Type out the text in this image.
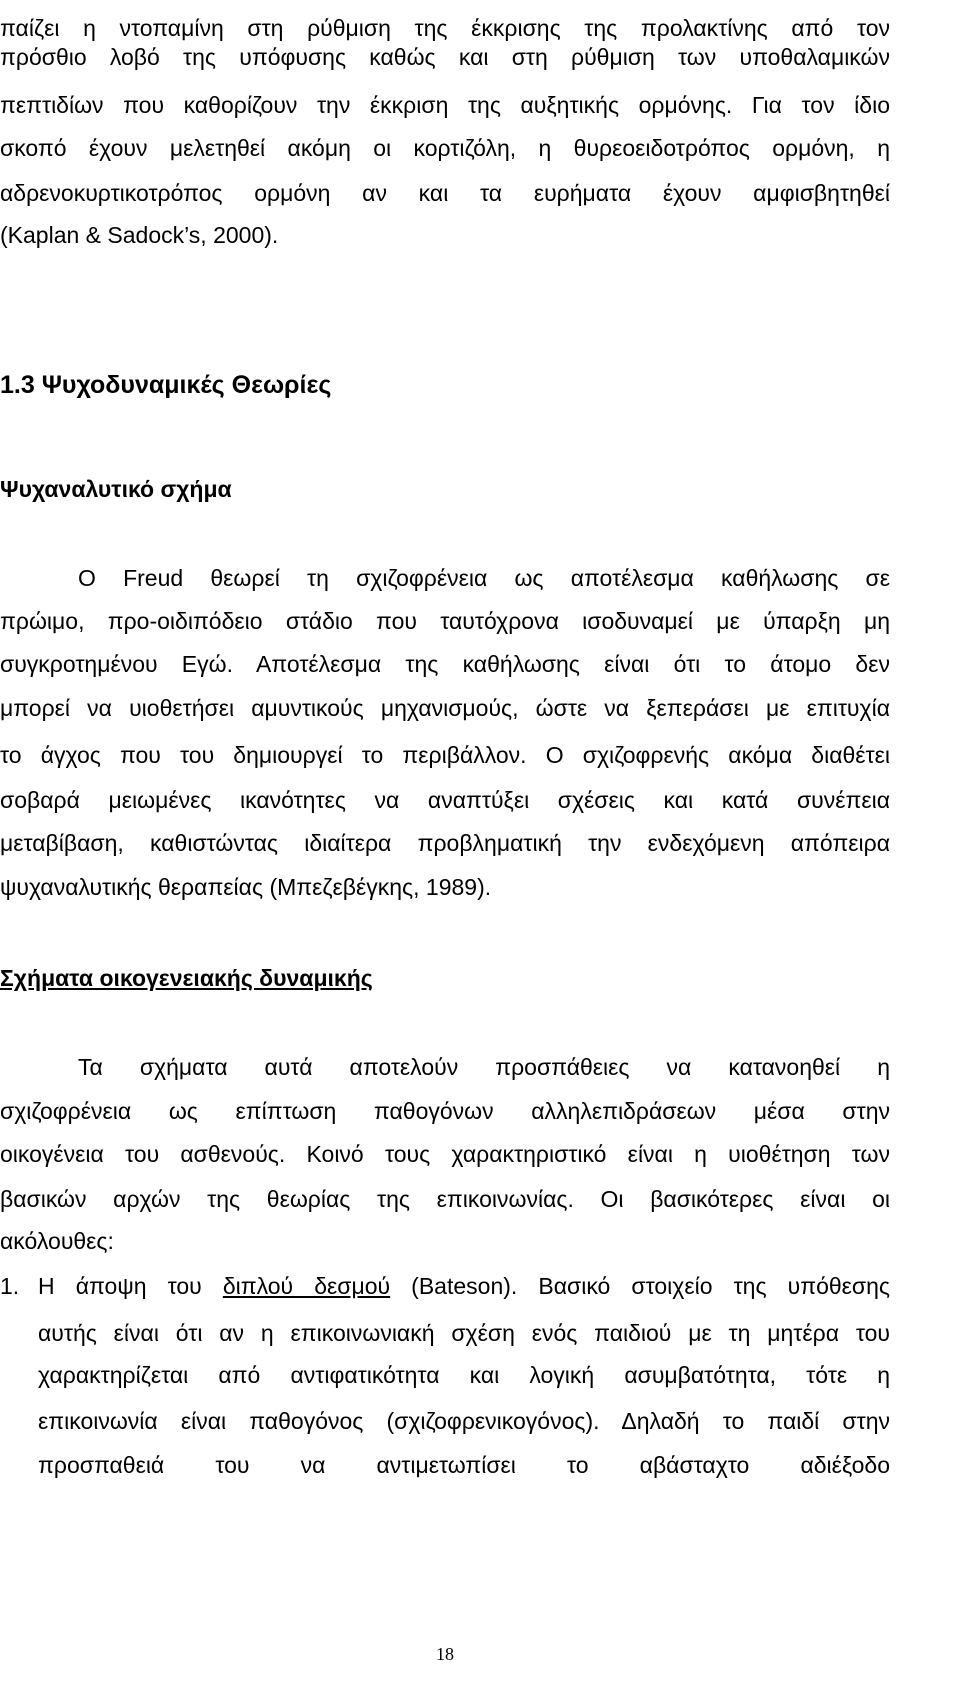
παίζει η ντοπαμίνη στη ρύθμιση της έκκρισης της προλακτίνης από τον
πρόσθιο λοβό της υπόφυσης καθώς και στη ρύθμιση των υποθαλαμικών
πεπτιδίων που καθορίζουν την έκκριση της αυξητικής ορμόνης. Για τον ίδιο
σκοπό έχουν μελετηθεί ακόμη οι κορτιζόλη, η θυρεοειδοτρόπος ορμόνη, η
αδρενοκυρτικοτρόπος ορμόνη αν και τα ευρήματα έχουν αμφισβητηθεί
(Kaplan & Sadock’s, 2000).
1.3 Ψυχοδυναμικές Θεωρίες
Ψυχαναλυτικό σχήμα
Ο Freud θεωρεί τη σχιζοφρένεια ως αποτέλεσμα καθήλωσης σε
πρώιμο, προ-οιδιπόδειο στάδιο που ταυτόχρονα ισοδυναμεί με ύπαρξη μη
συγκροτημένου Εγώ. Αποτέλεσμα της καθήλωσης είναι ότι το άτομο δεν
μπορεί να υιοθετήσει αμυντικούς μηχανισμούς, ώστε να ξεπεράσει με επιτυχία
το άγχος που του δημιουργεί το περιβάλλον. Ο σχιζοφρενής ακόμα διαθέτει
σοβαρά μειωμένες ικανότητες να αναπτύξει σχέσεις και κατά συνέπεια
μεταβίβαση, καθιστώντας ιδιαίτερα προβληματική την ενδεχόμενη απόπειρα
ψυχαναλυτικής θεραπείας (Μπεζεβέγκης, 1989).
Σχήματα οικογενειακής δυναμικής
Τα σχήματα αυτά αποτελούν προσπάθειες να κατανοηθεί η
σχιζοφρένεια ως επίπτωση παθογόνων αλληλεπιδράσεων μέσα στην
οικογένεια του ασθενούς. Κοινό τους χαρακτηριστικό είναι η υιοθέτηση των
βασικών αρχών της θεωρίας της επικοινωνίας. Οι βασικότερες είναι οι
ακόλουθες:
1. Η άποψη του διπλού δεσμού (Bateson). Βασικό στοιχείο της υπόθεσης
αυτής είναι ότι αν η επικοινωνιακή σχέση ενός παιδιού με τη μητέρα του
χαρακτηρίζεται από αντιφατικότητα και λογική ασυμβατότητα, τότε η
επικοινωνία είναι παθογόνος (σχιζοφρενικογόνος). Δηλαδή το παιδί στην
προσπαθειά του να αντιμετωπίσει το αβάσταχτο αδιέξοδο
18
